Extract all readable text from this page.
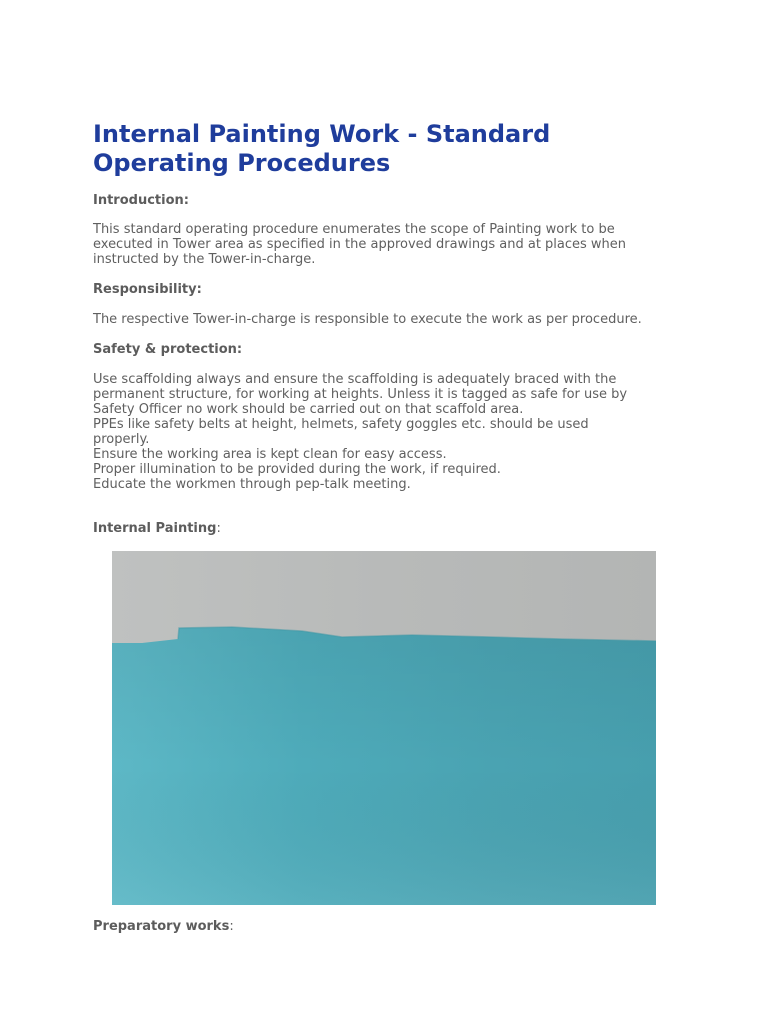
Internal Painting Work - Standard
Operating Procedures
Introduction:
This standard operating procedure enumerates the scope of Painting work to be
executed in Tower area as specified in the approved drawings and at places when
instructed by the Tower-in-charge.
Responsibility:
The respective Tower-in-charge is responsible to execute the work as per procedure.
Safety & protection:
Use scaffolding always and ensure the scaffolding is adequately braced with the
permanent structure, for working at heights. Unless it is tagged as safe for use by
Safety Officer no work should be carried out on that scaffold area.
PPEs like safety belts at height, helmets, safety goggles etc. should be used
properly.
Ensure the working area is kept clean for easy access.
Proper illumination to be provided during the work, if required.
Educate the workmen through pep-talk meeting.
Internal Painting:
Preparatory works:
